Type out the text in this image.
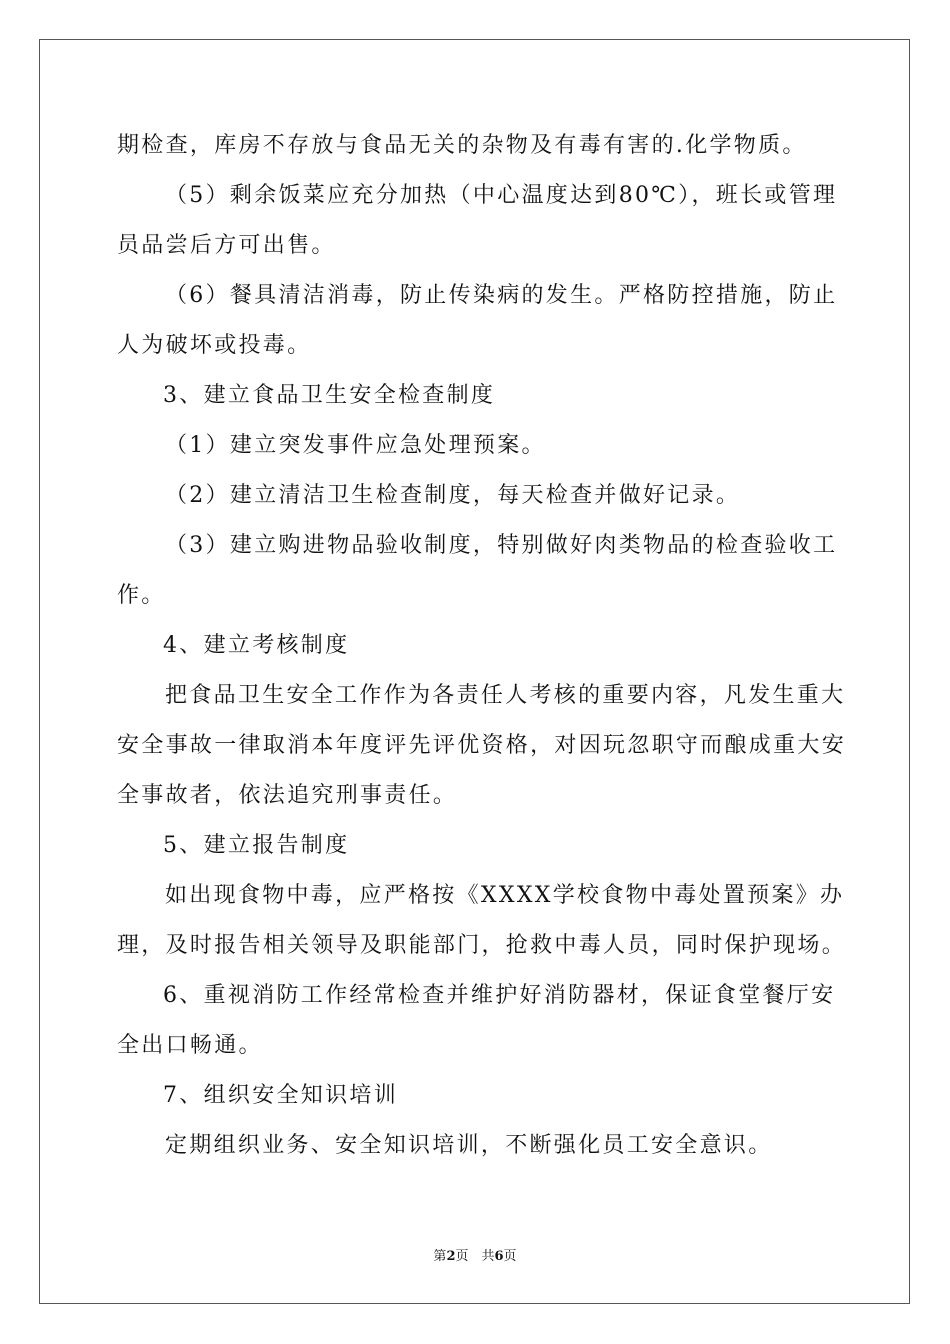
期检查，库房不存放与食品无关的杂物及有毒有害的.化学物质。
（5）剩余饭菜应充分加热（中心温度达到80℃），班长或管理
员品尝后方可出售。
（6）餐具清洁消毒，防止传染病的发生。严格防控措施，防止
人为破坏或投毒。
3、建立食品卫生安全检查制度
（1）建立突发事件应急处理预案。
（2）建立清洁卫生检查制度，每天检查并做好记录。
（3）建立购进物品验收制度，特别做好肉类物品的检查验收工
作。
4、建立考核制度
把食品卫生安全工作作为各责任人考核的重要内容，凡发生重大
安全事故一律取消本年度评先评优资格，对因玩忽职守而酿成重大安
全事故者，依法追究刑事责任。
5、建立报告制度
如出现食物中毒，应严格按《XXXX学校食物中毒处置预案》办
理，及时报告相关领导及职能部门，抢救中毒人员，同时保护现场。
6、重视消防工作经常检查并维护好消防器材，保证食堂餐厅安
全出口畅通。
7、组织安全知识培训
定期组织业务、安全知识培训，不断强化员工安全意识。
第2页　共6页
